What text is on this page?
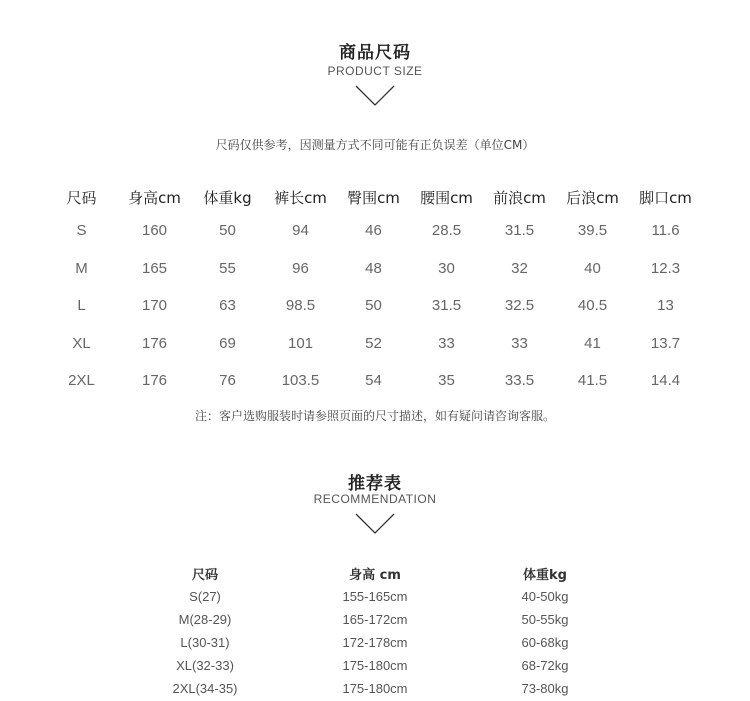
商品尺码
PRODUCT SIZE
尺码仅供参考，因测量方式不同可能有正负误差（单位CM）
尺码	身高cm	体重kg	裤长cm	臀围cm	腰围cm	前浪cm	后浪cm	脚口cm
S	160	50	94	46	28.5	31.5	39.5	11.6
M	165	55	96	48	30	32	40	12.3
L	170	63	98.5	50	31.5	32.5	40.5	13
XL	176	69	101	52	33	33	41	13.7
2XL	176	76	103.5	54	35	33.5	41.5	14.4
注：客户选购服装时请参照页面的尺寸描述，如有疑问请咨询客服。
推荐表
RECOMMENDATION
尺码	身高 cm	体重kg
S(27)	155-165cm	40-50kg
M(28-29)	165-172cm	50-55kg
L(30-31)	172-178cm	60-68kg
XL(32-33)	175-180cm	68-72kg
2XL(34-35)	175-180cm	73-80kg
